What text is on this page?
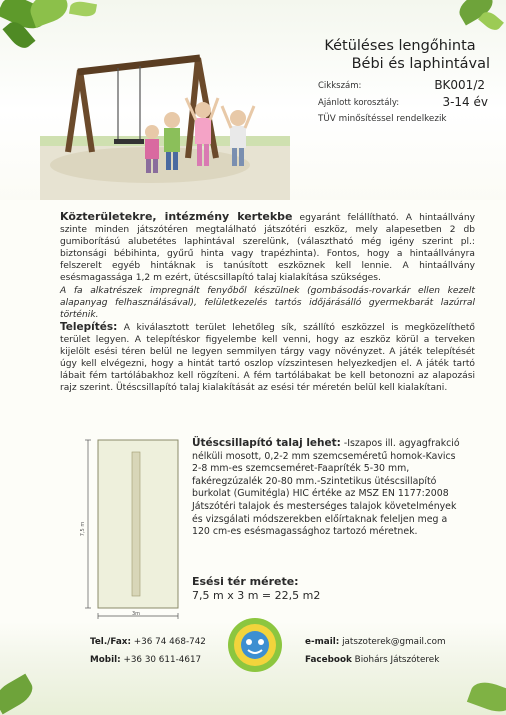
Kétüléses lengőhinta
Bébi és laphintával
Cikkszám:	BK001/2
Ajánlott korosztály:	3-14 év
TÜV minősítéssel rendelkezik

Közterületekre, intézmény kertekbe egyaránt felállítható. A hintaállvány szinte minden játszótéren megtalálható játszótéri eszköz, mely alapesetben 2 db gumiborítású alubetétes laphintával szerelünk, (választható még igény szerint pl.: biztonsági bébihinta, gyűrű hinta vagy trapézhinta). Fontos, hogy a hintaállványra felszerelt egyéb hintáknak is tanúsított eszköznek kell lennie. A hintaállvány esésmagassága 1,2 m ezért, ütéscsillapító talaj kialakítása szükséges.

A fa alkatrészek impregnált fenyőből készülnek (gombásodás-rovarkár ellen kezelt alapanyag felhasználásával), felületkezelés tartós időjárásálló gyermekbarát lazúrral történik.

Telepítés: A kiválasztott terület lehetőleg sík, szállító eszközzel is megközelíthető terület legyen. A telepítéskor figyelembe kell venni, hogy az eszköz körül a terveken kijelölt esési téren belül ne legyen semmilyen tárgy vagy növényzet. A játék telepítését úgy kell elvégezni, hogy a hintát tartó oszlop vízszintesen helyezkedjen el. A játék tartó lábait fém tartólábakhoz kell rögzíteni. A fém tartólábakat be kell betonozni az alapozási rajz szerint. Ütéscsillapító talaj kialakítását az esési tér méretén belül kell kialakítani.

7,5 m
3m

Ütéscsillapító talaj lehet: -Iszapos ill. agyagfrakció nélküli mosott, 0,2-2 mm szemcseméretű homok-Kavics 2-8 mm-es szemcseméret-Faapríték 5-30 mm, fakéregzúzalék 20-80 mm.-Szintetikus ütéscsillapító burkolat (Gumitégla) HIC értéke az MSZ EN 1177:2008 Játszótéri talajok és mesterséges talajok követelmények és vizsgálati módszerekben előírtaknak feleljen meg a 120 cm-es esésmagassághoz tartozó méretnek.

Esési tér mérete:
7,5 m x 3 m = 22,5 m2
Tel./Fax: +36 74 468-742
Mobil: +36 30 611-4617
e-mail: jatszoterek@gmail.com
Facebook Biohárs Játszóterek
